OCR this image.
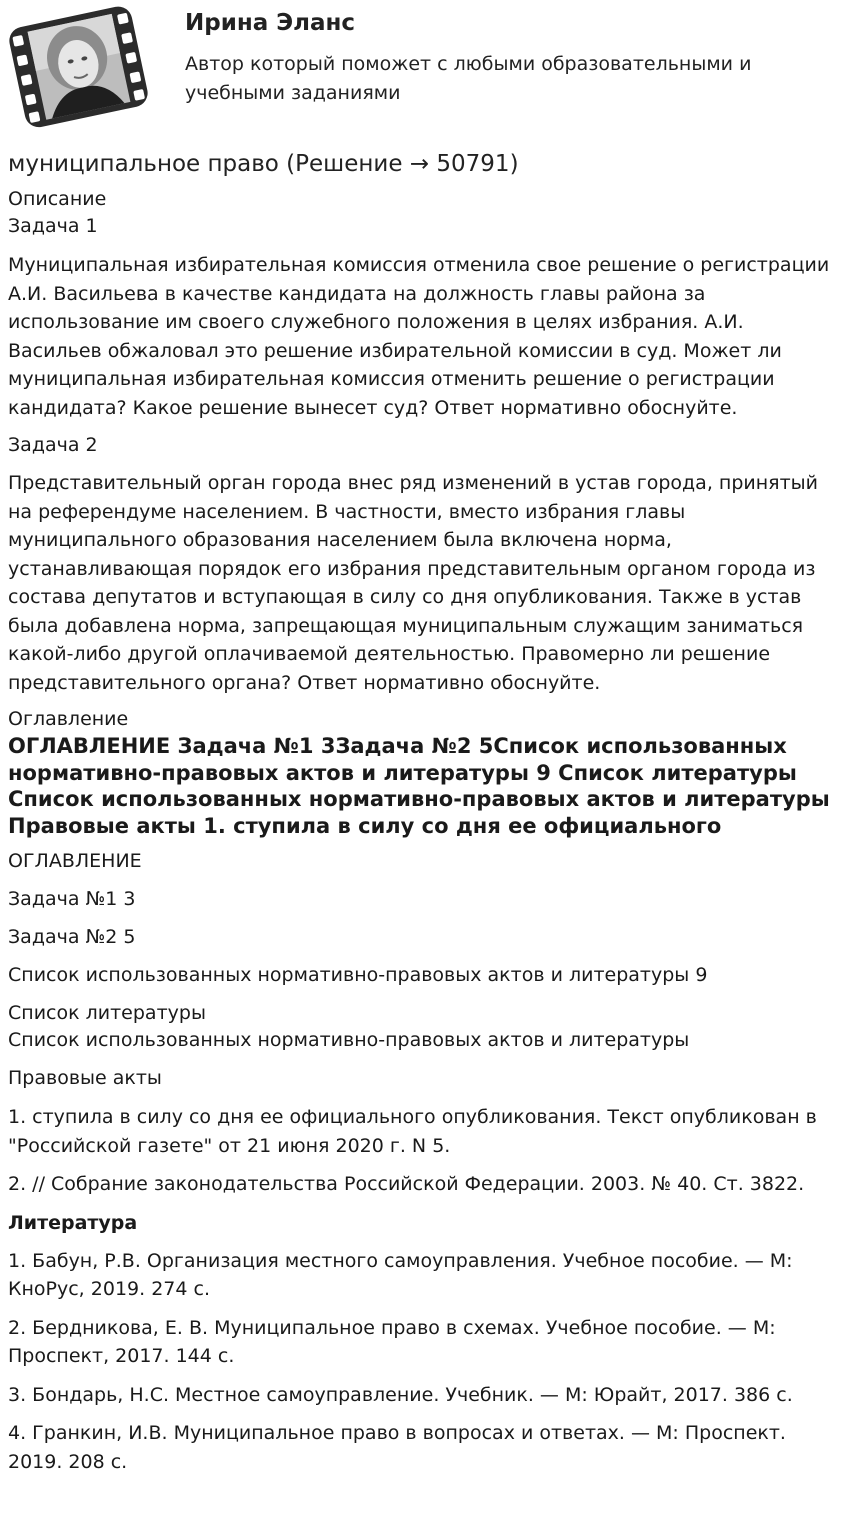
Ирина Эланс
Автор который поможет с любыми образовательными и учебными заданиями
муниципальное право (Решение → 50791)

Описание

Задача 1

Муниципальная избирательная комиссия отменила свое решение о регистрации А.И. Васильева в качестве кандидата на должность главы района за использование им своего служебного положения в целях избрания. А.И. Васильев обжаловал это решение избирательной комиссии в суд. Может ли муниципальная избирательная комиссия отменить решение о регистрации кандидата? Какое решение вынесет суд? Ответ нормативно обоснуйте.

Задача 2

Представительный орган города внес ряд изменений в устав города, принятый на референдуме населением. В частности, вместо избрания главы муниципального образования населением была включена норма, устанавливающая порядок его избрания представительным органом города из состава депутатов и вступающая в силу со дня опубликования. Также в устав была добавлена норма, запрещающая муниципальным служащим заниматься какой-либо другой оплачиваемой деятельностью. Правомерно ли решение представительного органа? Ответ нормативно обоснуйте.

Оглавление

ОГЛАВЛЕНИЕ Задача №1 3Задача №2 5Список использованных нормативно-правовых актов и литературы 9 Список литературы Список использованных нормативно-правовых актов и литературы Правовые акты 1. ступила в силу со дня ее официального

ОГЛАВЛЕНИЕ

Задача №1 3

Задача №2 5

Список использованных нормативно-правовых актов и литературы 9

Список литературы

Список использованных нормативно-правовых актов и литературы

Правовые акты

1. ступила в силу со дня ее официального опубликования. Текст опубликован в "Российской газете" от 21 июня 2020 г. N 5.

2. // Собрание законодательства Российской Федерации. 2003. № 40. Ст. 3822.

Литература

1. Бабун, Р.В. Организация местного самоуправления. Учебное пособие. — М: КноРус, 2019. 274 с.

2. Бердникова, Е. В. Муниципальное право в схемах. Учебное пособие. — М: Проспект, 2017. 144 с.

3. Бондарь, Н.С. Местное самоуправление. Учебник. — М: Юрайт, 2017. 386 с.

4. Гранкин, И.В. Муниципальное право в вопросах и ответах. — М: Проспект. 2019. 208 с.
